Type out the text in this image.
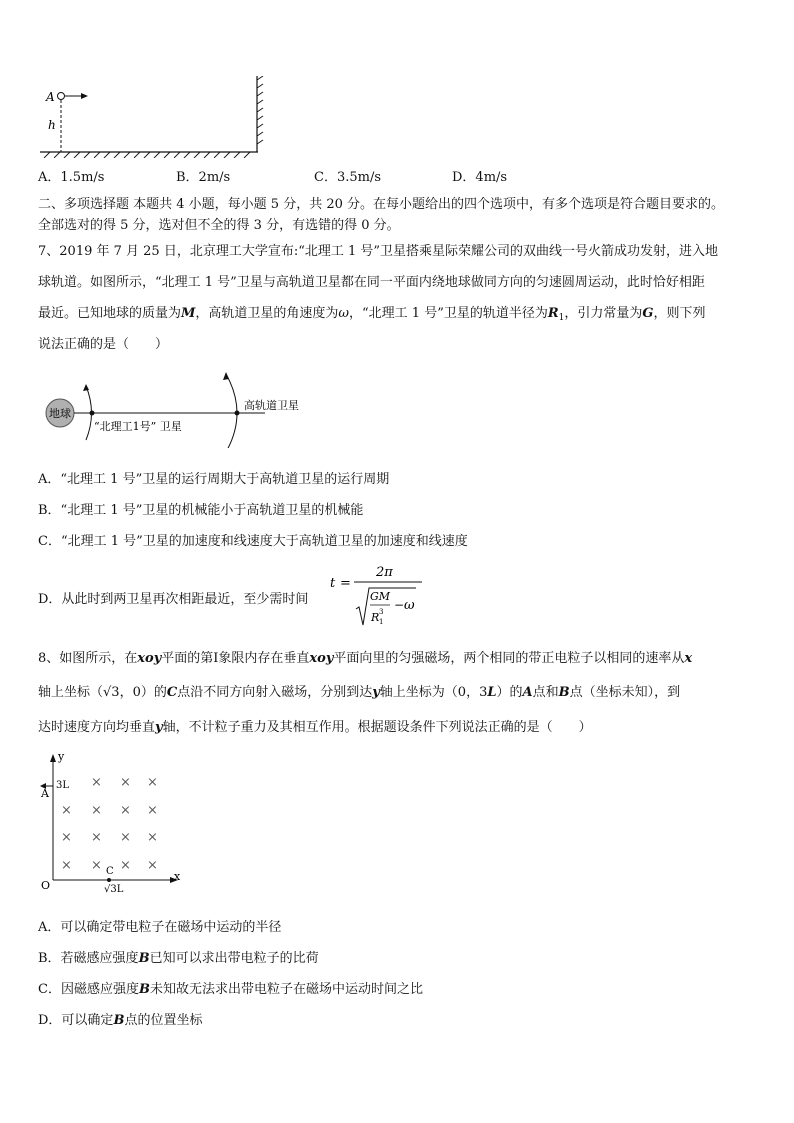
A
h
A．1.5m/s	B．2m/s	C．3.5m/s	D．4m/s
二、多项选择题 本题共 4 小题，每小题 5 分，共 20 分。在每小题给出的四个选项中，有多个选项是符合题目要求的。
全部选对的得 5 分，选对但不全的得 3 分，有选错的得 0 分。
7、2019 年 7 月 25 日，北京理工大学宣布:“北理工 1 号”卫星搭乘星际荣耀公司的双曲线一号火箭成功发射，进入地
球轨道。如图所示，“北理工 1 号”卫星与高轨道卫星都在同一平面内绕地球做同方向的匀速圆周运动，此时恰好相距
最近。已知地球的质量为M，高轨道卫星的角速度为ω，“北理工 1 号”卫星的轨道半径为$R_1$，引力常量为G，则下列
说法正确的是（　　）
地球
“北理工1号” 卫星
高轨道卫星
A．“北理工 1 号”卫星的运行周期大于高轨道卫星的运行周期
B．“北理工 1 号”卫星的机械能小于高轨道卫星的机械能
C．“北理工 1 号”卫星的加速度和线速度大于高轨道卫星的加速度和线速度
D．从此时到两卫星再次相距最近，至少需时间
t =
2π
GM
R 1
3 − ω
8、如图所示，在xoy平面的第Ⅰ象限内存在垂直xoy平面向里的匀强磁场，两个相同的带正电粒子以相同的速率从x
轴上坐标（√3，0）的C点沿不同方向射入磁场，分别到达y轴上坐标为（0，3L）的A点和B点（坐标未知），到
达时速度方向均垂直y轴，不计粒子重力及其相互作用。根据题设条件下列说法正确的是（　　）
y
x
O
A
3L
C
√3L
× × ×
× × × ×
× × × ×
× × × ×
A．可以确定带电粒子在磁场中运动的半径
B．若磁感应强度B已知可以求出带电粒子的比荷
C．因磁感应强度B未知故无法求出带电粒子在磁场中运动时间之比
D．可以确定B点的位置坐标
